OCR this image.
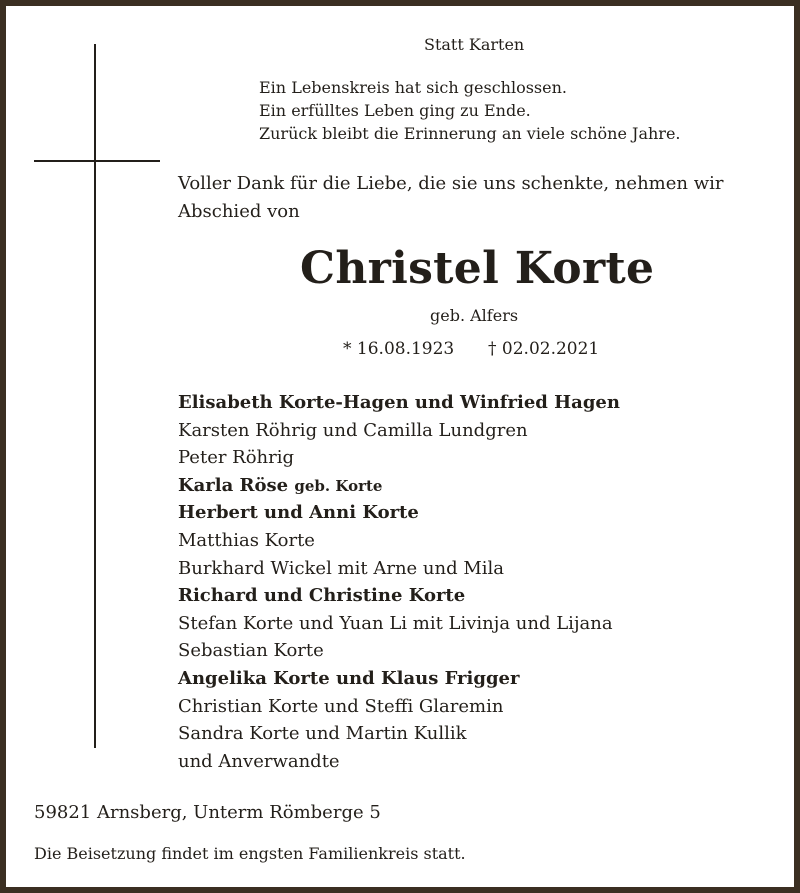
Statt Karten
Ein Lebenskreis hat sich geschlossen.
Ein erfülltes Leben ging zu Ende.
Zurück bleibt die Erinnerung an viele schöne Jahre.
Voller Dank für die Liebe, die sie uns schenkte, nehmen wir Abschied von
Christel Korte
geb. Alfers
* 16.08.1923 † 02.02.2021
Elisabeth Korte-Hagen und Winfried Hagen
Karsten Röhrig und Camilla Lundgren
Peter Röhrig
Karla Röse geb. Korte
Herbert und Anni Korte
Matthias Korte
Burkhard Wickel mit Arne und Mila
Richard und Christine Korte
Stefan Korte und Yuan Li mit Livinja und Lijana
Sebastian Korte
Angelika Korte und Klaus Frigger
Christian Korte und Steffi Glaremin
Sandra Korte und Martin Kullik
und Anverwandte
59821 Arnsberg, Unterm Römberge 5
Die Beisetzung findet im engsten Familienkreis statt.
